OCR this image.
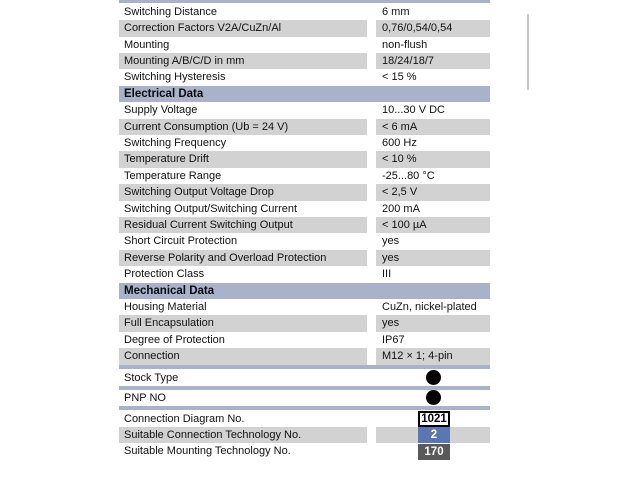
Switching Distance	6 mm
Correction Factors V2A/CuZn/Al	0,76/0,54/0,54
Mounting	non-flush
Mounting A/B/C/D in mm	18/24/18/7
Switching Hysteresis	< 15 %
Electrical Data
Supply Voltage	10...30 V DC
Current Consumption (Ub = 24 V)	< 6 mA
Switching Frequency	600 Hz
Temperature Drift	< 10 %
Temperature Range	-25...80 °C
Switching Output Voltage Drop	< 2,5 V
Switching Output/Switching Current	200 mA
Residual Current Switching Output	< 100 µA
Short Circuit Protection	yes
Reverse Polarity and Overload Protection	yes
Protection Class	III
Mechanical Data
Housing Material	CuZn, nickel-plated
Full Encapsulation	yes
Degree of Protection	IP67
Connection	M12 × 1; 4-pin
Stock Type
PNP NO
Connection Diagram No.	1021
Suitable Connection Technology No.	2
Suitable Mounting Technology No.	170
